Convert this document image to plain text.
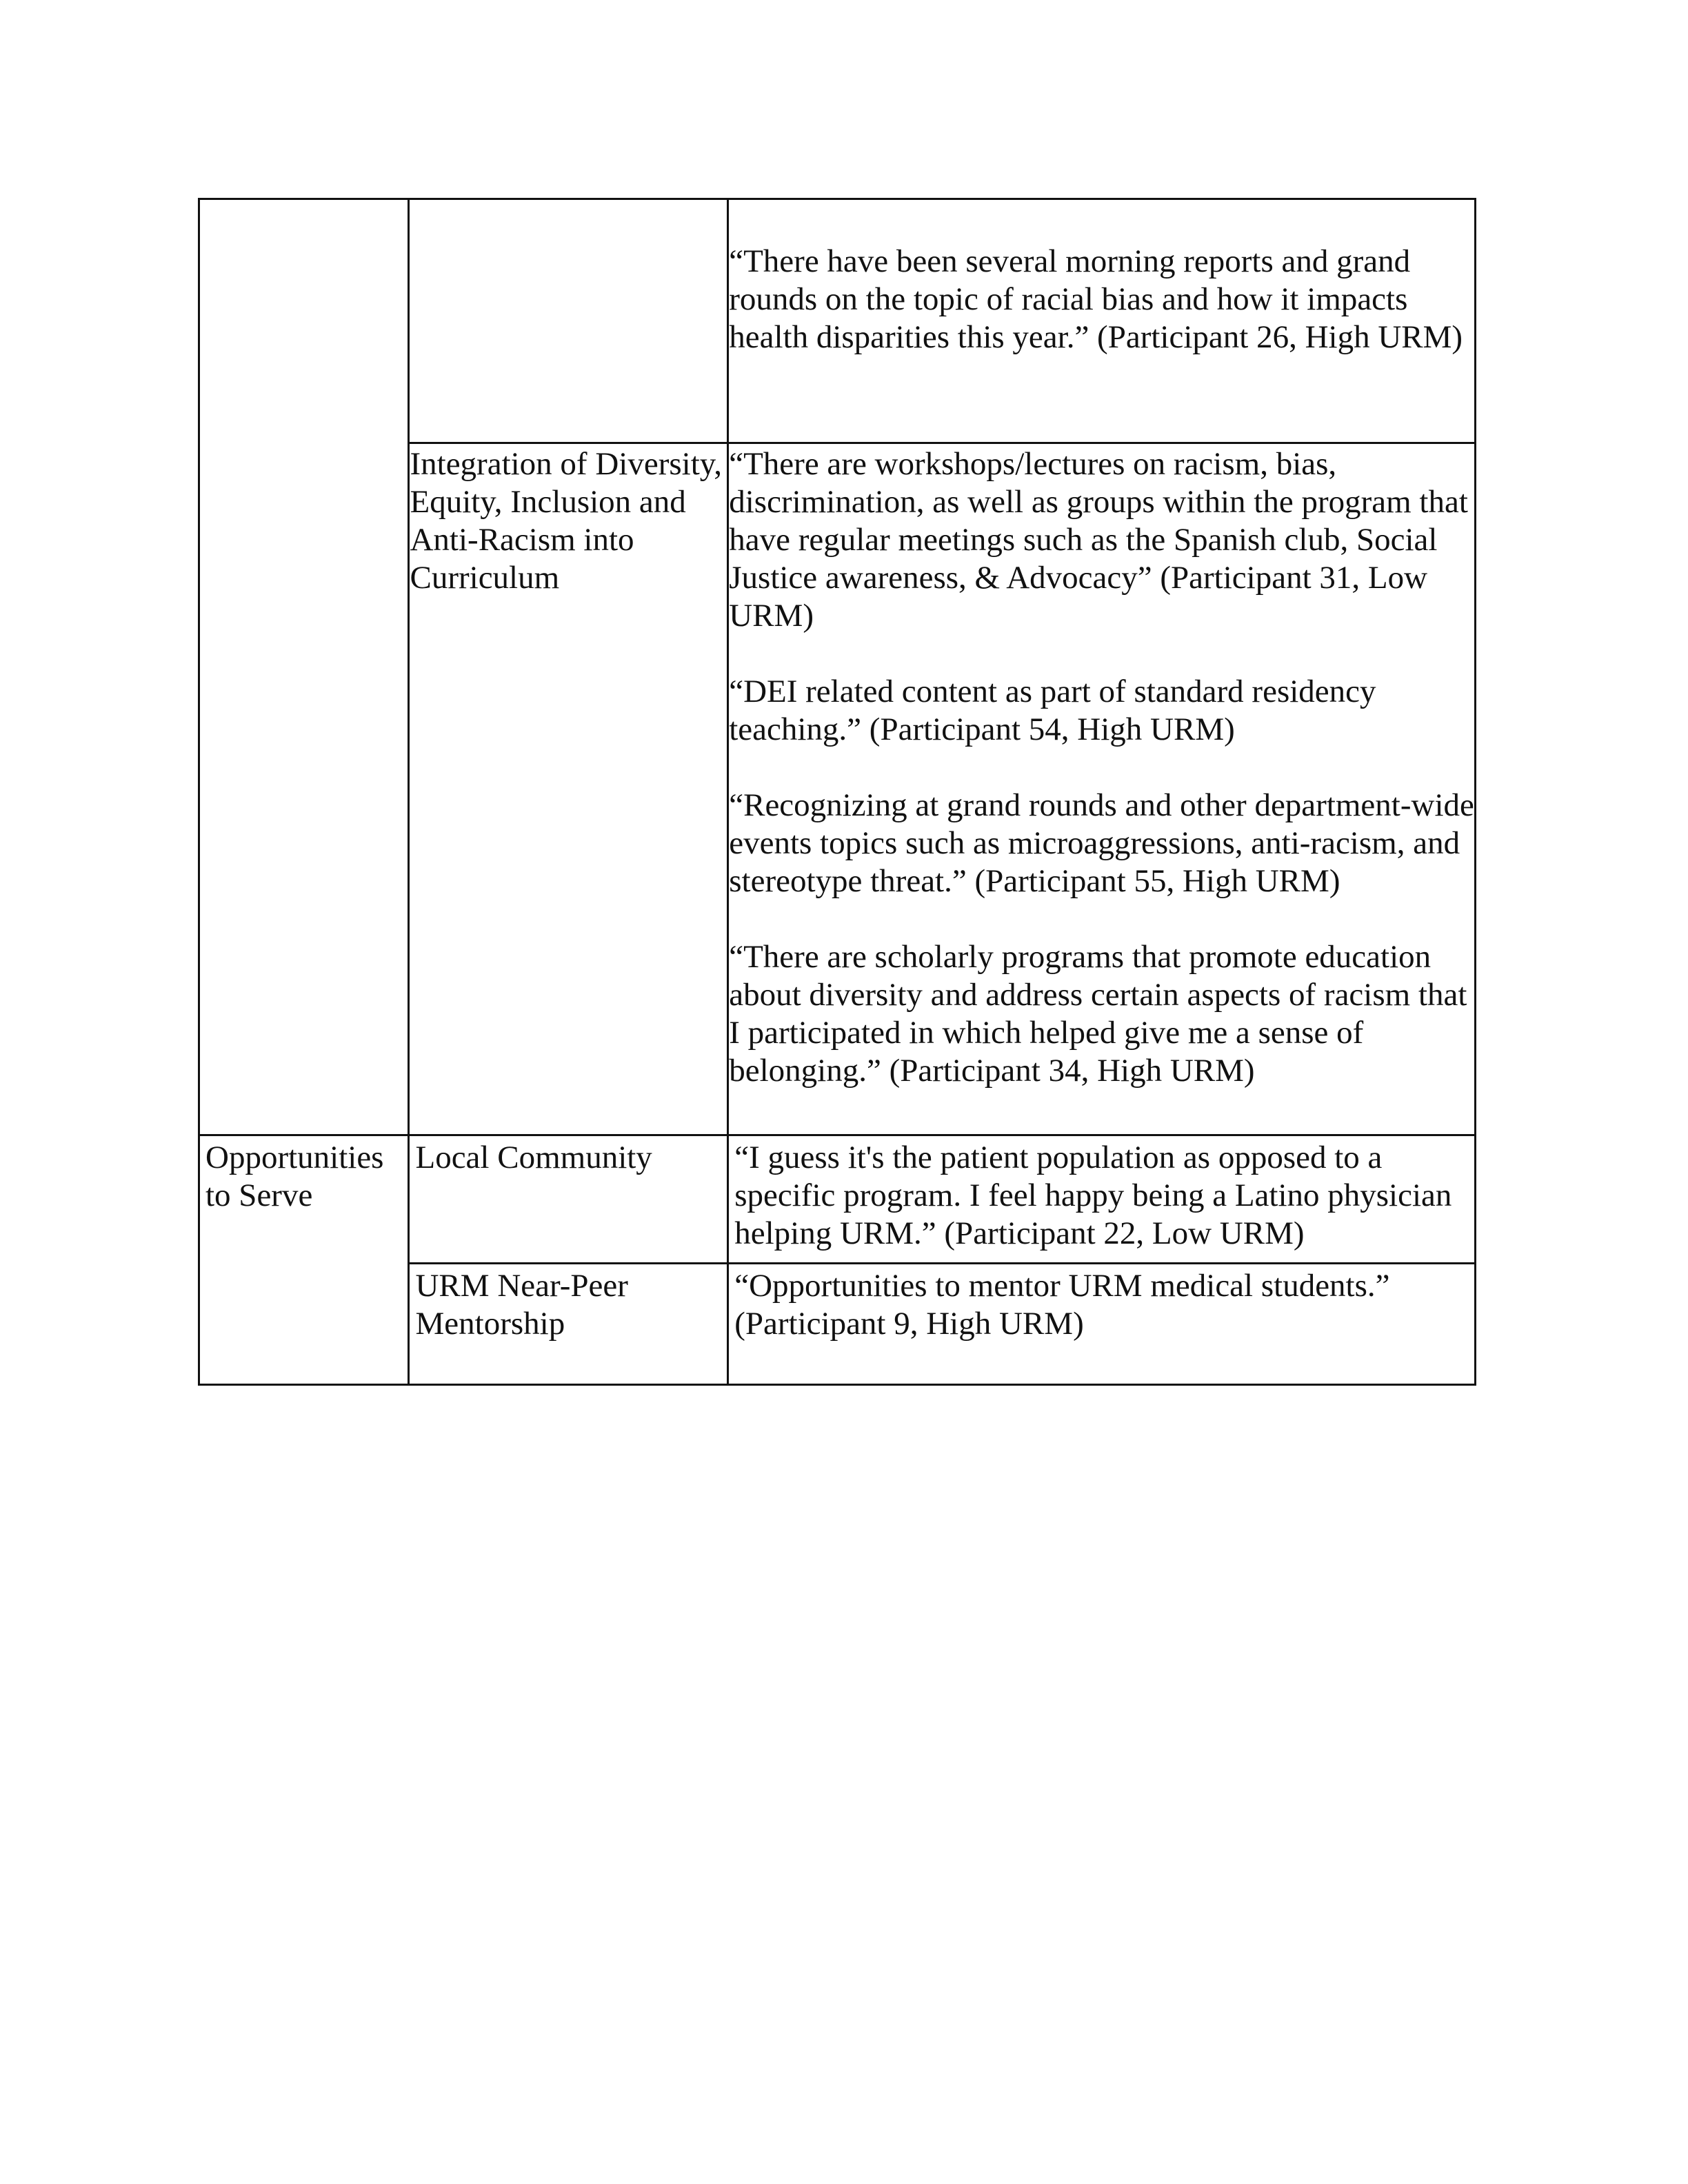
		“There have been several morning reports and grand rounds on the topic of racial bias and how it impacts health disparities this year.” (Participant 26, High URM)

	Integration of Diversity, Equity, Inclusion and Anti-Racism into Curriculum	“There are workshops/lectures on racism, bias, discrimination, as well as groups within the program that have regular meetings such as the Spanish club, Social Justice awareness, & Advocacy” (Participant 31, Low URM)
“DEI related content as part of standard residency teaching.” (Participant 54, High URM)
“Recognizing at grand rounds and other department-wide events topics such as microaggressions, anti-racism, and stereotype threat.” (Participant 55, High URM)
“There are scholarly programs that promote education about diversity and address certain aspects of racism that I participated in which helped give me a sense of belonging.” (Participant 34, High URM)

Opportunities to Serve	Local Community	“I guess it's the patient population as opposed to a specific program. I feel happy being a Latino physician helping URM.” (Participant 22, Low URM)

	URM Near-Peer Mentorship	“Opportunities to mentor URM medical students.” (Participant 9, High URM)
